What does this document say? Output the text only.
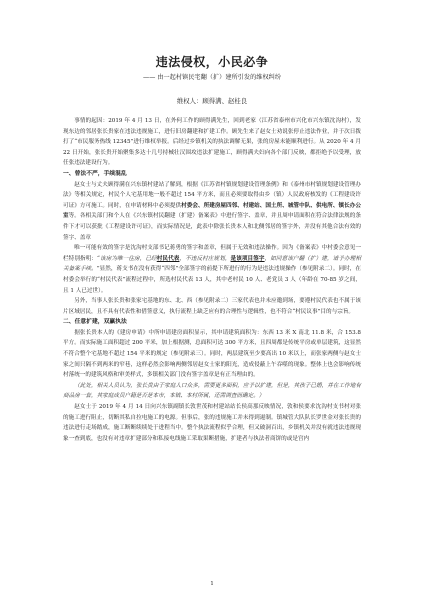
违法侵权，小民必争
—— 由一起村镇民宅翻（扩）建所引发的维权纠纷
维权人：顾得满、赵桂良

事情的起因：2019 年 4 月 13 日，在外何工作的顾得满先生，回到老家（江苏省泰州市兴化市兴东镇沈沟村），发现东边的邻居张长贵家在违法违规施工，进行旧房翻建和扩建工作。顾先生来了赵女士劝说张停止违法作业，并于次日拨打了“市民服务热线 12345”进行维权举报。后经过乡镇机关的执法调解无果，张的房屋未能顺利进行。从 2020 年 4 月 22 日开始，张长贵开始聚集多达十几号持械壮汉围攻违法扩建施工，顾得满夫妇向各个部门反映，都拒绝予以受理，放任张违法建设行为。

一、曾法不严，手续混乱

赵女士与丈夫顾得满在兴东镇村建站了解到，根据《江苏省村镇规划建设管理条例》和《泰州市村镇规划建设管理办法》等相关规定，村民个人宅基用地一般不超过 154 平方米，而且必须要取得由乡（镇）人民政府核发的《工程建设许可证》方可施工。同时，在申请材料中必须提供村委会、所建房屋四邻、村建站、国土所、城管中队、供电所、镇长办公室等。各相关部门和个人在《兴东镇村民翻建（扩建）备案表》中进行签字、盖章，并且周申请面积在符合法律法规的条件下才可以获批《工程建设许可证》，而实际情况是，此表中除张长贵本人和北侧邻居的签字外，并没有其他合法有效的签字、盖章

唯一可能有效的签字是沈沟村支部书记蒋勇的签字和盖章，但属于无效和违法操作。因为《备案表》中村委会意见一栏特别指明：“该房为唯一住房，已经村民代表，不违反村庄规划，是该项目签字，如同意该户翻（扩）建，请予办理相关备案手续。”显然，蒋支书在没有获得“四邻”全部签字的前提下所进行的行为是违法违规操作（参见附录二）。同时，在村委会举行的“村民代表”流程过程中，所选村民代表 13 人，其中老村民 10 人、老党员 3 人（年龄在 70-85 岁之间，且 1 人已过世）。

另外，当事人张长贵和张家宅基地的东、北、西（参见附录二）三家代表也并未应邀到场，要遵村民代表也不属于该片区域居民，且不具有代表性和借签意义，执行流程上缺乏应有的合理性与逻辑性，也不符合“村民议事”目的与宗旨。

二、任意扩建，双赢执法

据张长贵本人的《建房申请》中所申请建房面积显示，其申请建筑面积为：东西 13 米 X 南北 11.8 米，合 153.8 平方。而实际施工面积超过 200 平米，加上根据测，总面积可达 300 平方米，且四周都是传统平房或单层建筑，这显然不符合整个宅基地不超过 154 平米的规定（参见附录三）。同时，两层建筑至少要高出 10 米以上，而张家两侧与赵女士家之间只隔不到两米的窄巷，这样必然会影响两侧邻居赵女士家的阳光，造成侵蔽上午吞噬的现象。整体上也会影响传统村落统一的建筑风格和审美样式，多镇相关部门没有签字盖章是有正当理由的。

（此处，相关人员认为，张长贵由于家庭人口众多，需要更多面积，应予以扩建，但是，其孩子已婚，并在工作地有商品房一套，其家庭成员户籍是否是本市，本镇、本村所属，还需调查而确定。）

赵女士于 2019 年 4 月 14 日向兴东镇副镇长敦世茂和村建站站长侯高那反映情况，敦和侯要求沈沟村支书村对张的施工进行阻止，切断其私自拉电施工的电源。但事后，张的违规施工并未得到遏制。镇城管大队队长罗世金对张长贵的违法进行走场踏成，施工断断续续处于进程当中。整个执法流程似乎合理，但又破洞百出，乡镇机关并没有就违法违规现象一查到底，也没有对违章扩建部分和私接电线施工采取果断措施，扩建者与执法者商饼的或是宫内

1
